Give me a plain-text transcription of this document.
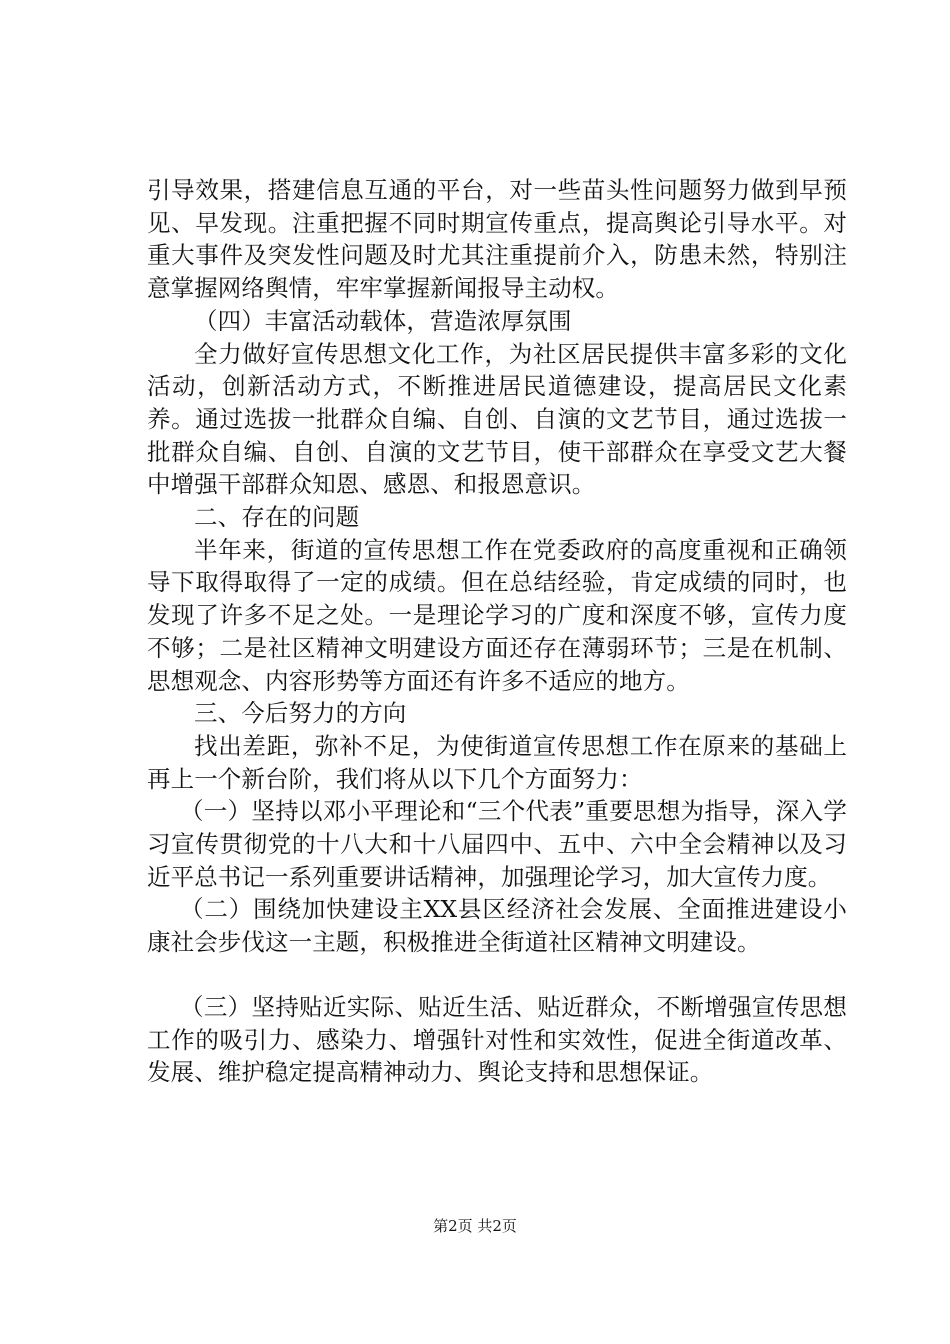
引导效果，搭建信息互通的平台，对一些苗头性问题努力做到早预见、早发现。注重把握不同时期宣传重点，提高舆论引导水平。对重大事件及突发性问题及时尤其注重提前介入，防患未然，特别注意掌握网络舆情，牢牢掌握新闻报导主动权。

（四）丰富活动载体，营造浓厚氛围

全力做好宣传思想文化工作，为社区居民提供丰富多彩的文化活动，创新活动方式，不断推进居民道德建设，提高居民文化素养。通过选拔一批群众自编、自创、自演的文艺节目，通过选拔一批群众自编、自创、自演的文艺节目，使干部群众在享受文艺大餐中增强干部群众知恩、感恩、和报恩意识。

二、存在的问题

半年来，街道的宣传思想工作在党委政府的高度重视和正确领导下取得取得了一定的成绩。但在总结经验，肯定成绩的同时，也发现了许多不足之处。一是理论学习的广度和深度不够，宣传力度不够；二是社区精神文明建设方面还存在薄弱环节；三是在机制、思想观念、内容形势等方面还有许多不适应的地方。

三、今后努力的方向

找出差距，弥补不足，为使街道宣传思想工作在原来的基础上再上一个新台阶，我们将从以下几个方面努力：

（一）坚持以邓小平理论和“三个代表”重要思想为指导，深入学习宣传贯彻党的十八大和十八届四中、五中、六中全会精神以及习近平总书记一系列重要讲话精神，加强理论学习，加大宣传力度。

（二）围绕加快建设主XX县区经济社会发展、全面推进建设小康社会步伐这一主题，积极推进全街道社区精神文明建设。

（三）坚持贴近实际、贴近生活、贴近群众，不断增强宣传思想工作的吸引力、感染力、增强针对性和实效性，促进全街道改革、发展、维护稳定提高精神动力、舆论支持和思想保证。

第2页 共2页
